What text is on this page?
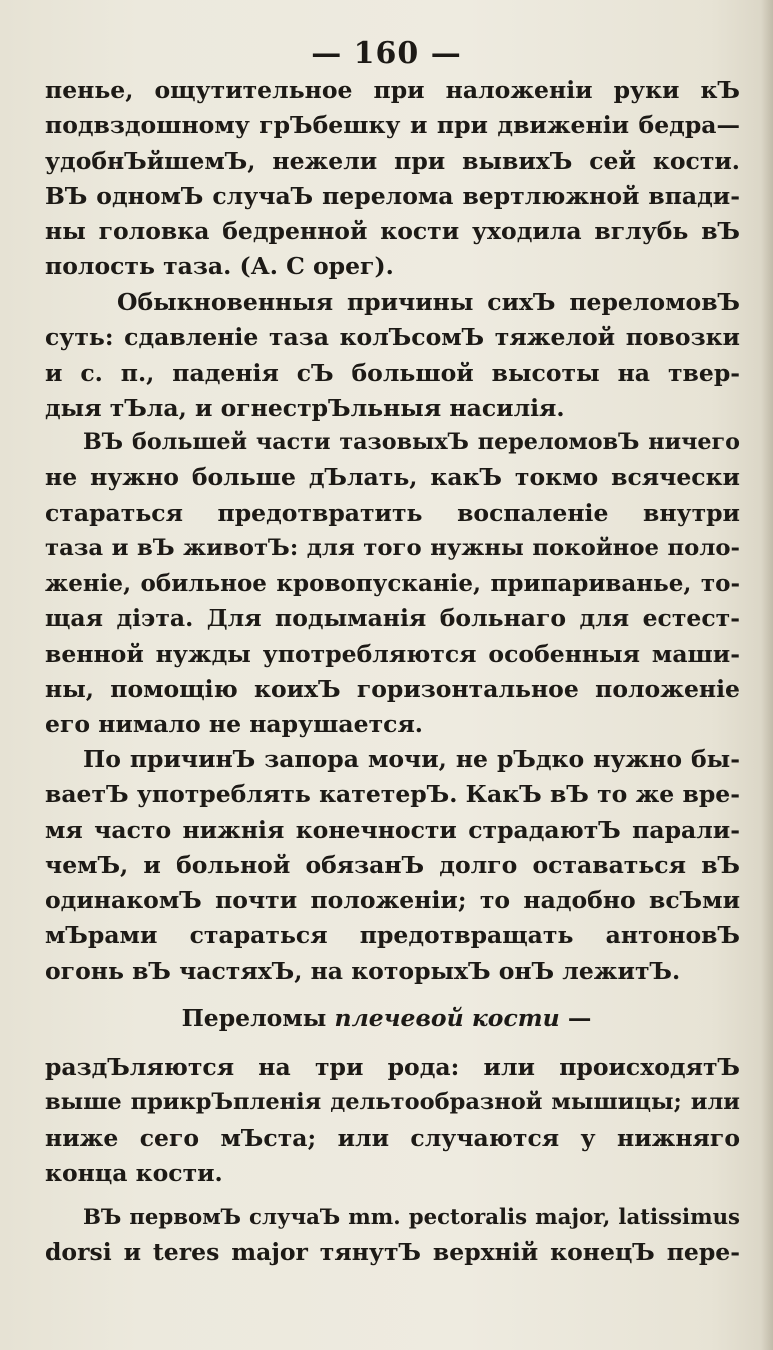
— 160 —
пенье, ощутительное при наложеніи руки кЪ
подвздошному грЪбешку и при движеніи бедра—
удобнЪйшемЪ, нежели при вывихЪ сей кости.
ВЪ одномЪ случаЪ перелома вертлюжной впади-
ны головка бедренной кости уходила вглубь вЪ
полость таза. (А. С орег).
Обыкновенныя причины сихЪ переломовЪ
суть: сдавленіе таза колЪсомЪ тяжелой повозки
и с. п., паденія сЪ большой высоты на твер-
дыя тЪла, и огнестрЪльныя насилія.
ВЪ большей части тазовыхЪ переломовЪ ничего
не нужно больше дЪлать, какЪ токмо всячески
стараться предотвратить воспаленіе внутри
таза и вЪ животЪ: для того нужны покойное поло-
женіе, обильное кровопусканіе, припариванье, то-
щая діэта. Для подыманія больнаго для естест-
венной нужды употребляются особенныя маши-
ны, помощію коихЪ горизонтальное положеніе
его нимало не нарушается.
По причинЪ запора мочи, не рЪдко нужно бы-
ваетЪ употреблять катетерЪ. КакЪ вЪ то же вре-
мя часто нижнія конечности страдаютЪ парали-
чемЪ, и больной обязанЪ долго оставаться вЪ
одинакомЪ почти положеніи; то надобно всЪми
мЪрами стараться предотвращать антоновЪ
огонь вЪ частяхЪ, на которыхЪ онЪ лежитЪ.
Переломы плечевой кости —
раздЪляются на три рода: или происходятЪ
выше прикрЪпленія дельтообразной мышицы; или
ниже сего мЪста; или случаются у нижняго
конца кости.
ВЪ первомЪ случаЪ mm. pectoralis major, latissimus
dorsi и teres major тянутЪ верхній конецЪ пере-
